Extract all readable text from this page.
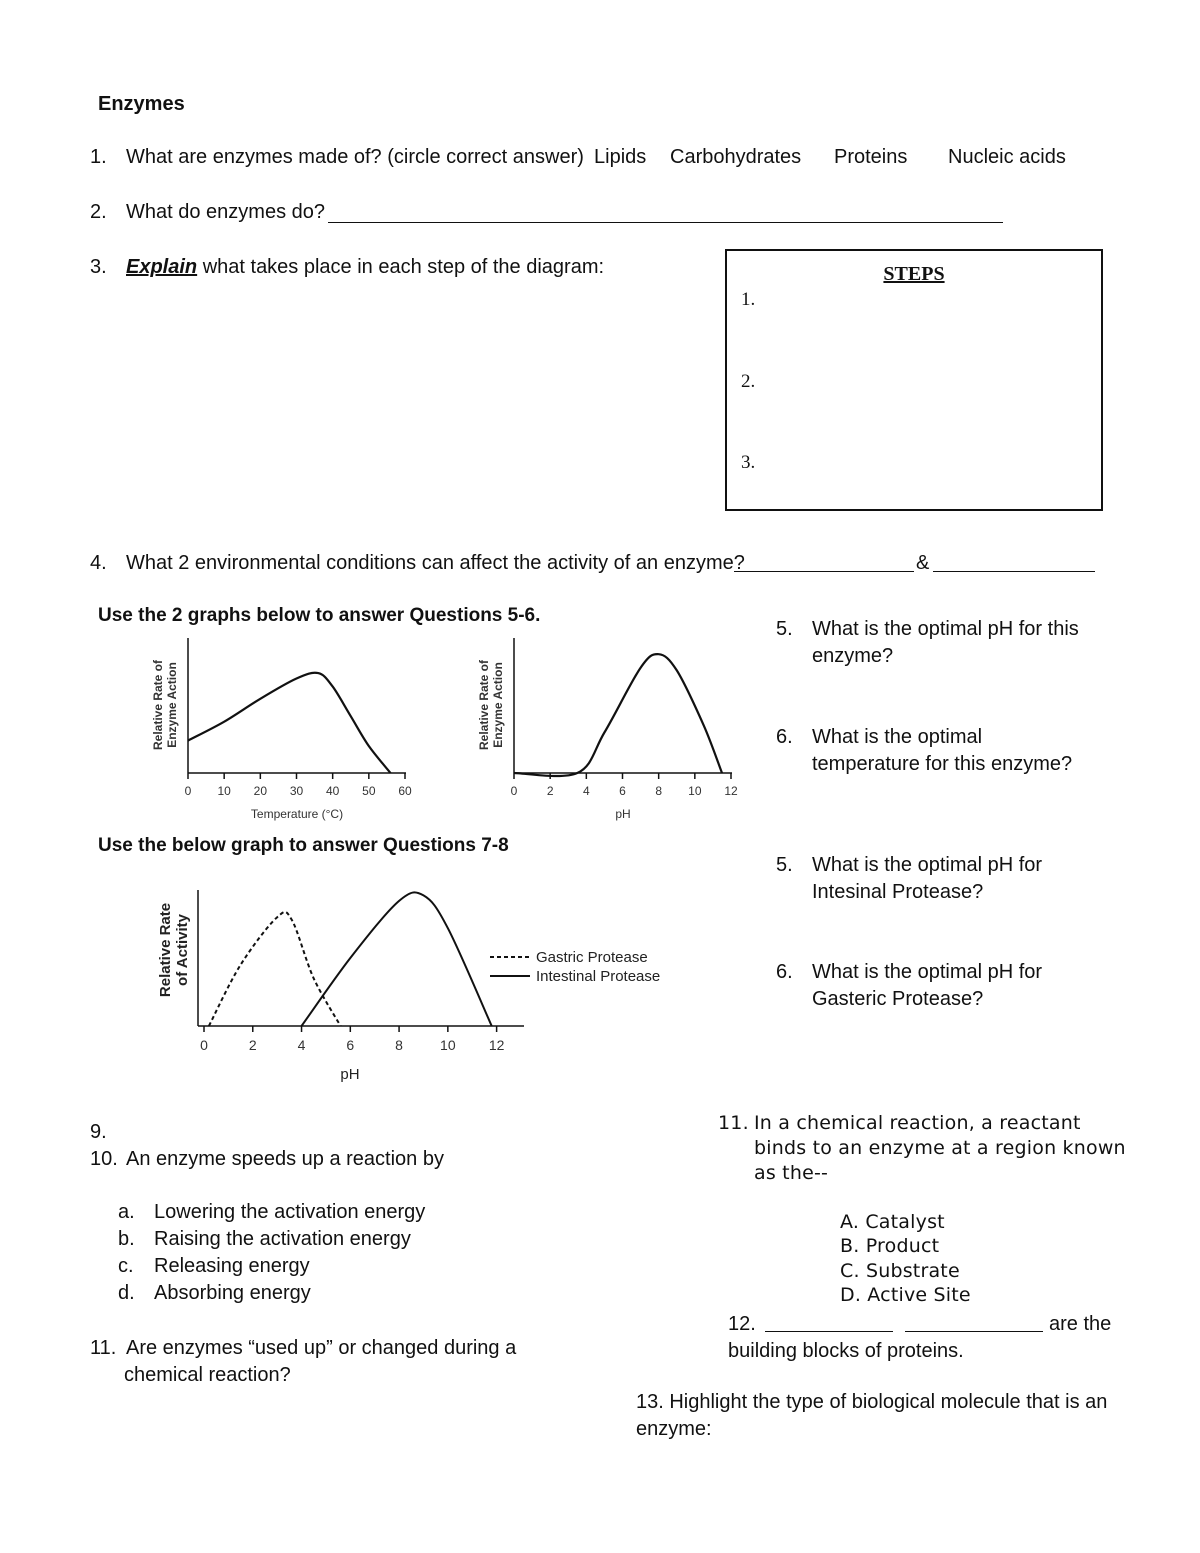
Enzymes
1. What are enzymes made of? (circle correct answer) Lipids Carbohydrates Proteins Nucleic acids
2. What do enzymes do?
3. Explain what takes place in each step of the diagram:	STEPS
1.
2.
3.
4. What 2 environmental conditions can affect the activity of an enzyme?	&
Use the 2 graphs below to answer Questions 5-6.
Use the below graph to answer Questions 7-8
5. What is the optimal pH for this
enzyme?
6. What is the optimal
temperature for this enzyme?
5. What is the optimal pH for
Intesinal Protease?
6. What is the optimal pH for
Gasteric Protease?
Relative Rate of Enzyme Action
0 10 20 30 40 50 60
Temperature (°C)
Relative Rate of Enzyme Action
0 2 4 6 8 10 12
pH
Relative Rate of Activity
0	2	4	6	8	10 12
pH
Gastric Protease
Intestinal Protease
9.
10. An enzyme speeds up a reaction by
a. Lowering the activation energy
b. Raising the activation energy
c. Releasing energy
d. Absorbing energy
11. Are enzymes “used up” or changed during a
chemical reaction?
11. In a chemical reaction, a reactant
binds to an enzyme at a region known
as the--
A. Catalyst
B. Product
C. Substrate
D. Active Site
12.	are the
building blocks of proteins.
13. Highlight the type of biological molecule that is an
enzyme:
